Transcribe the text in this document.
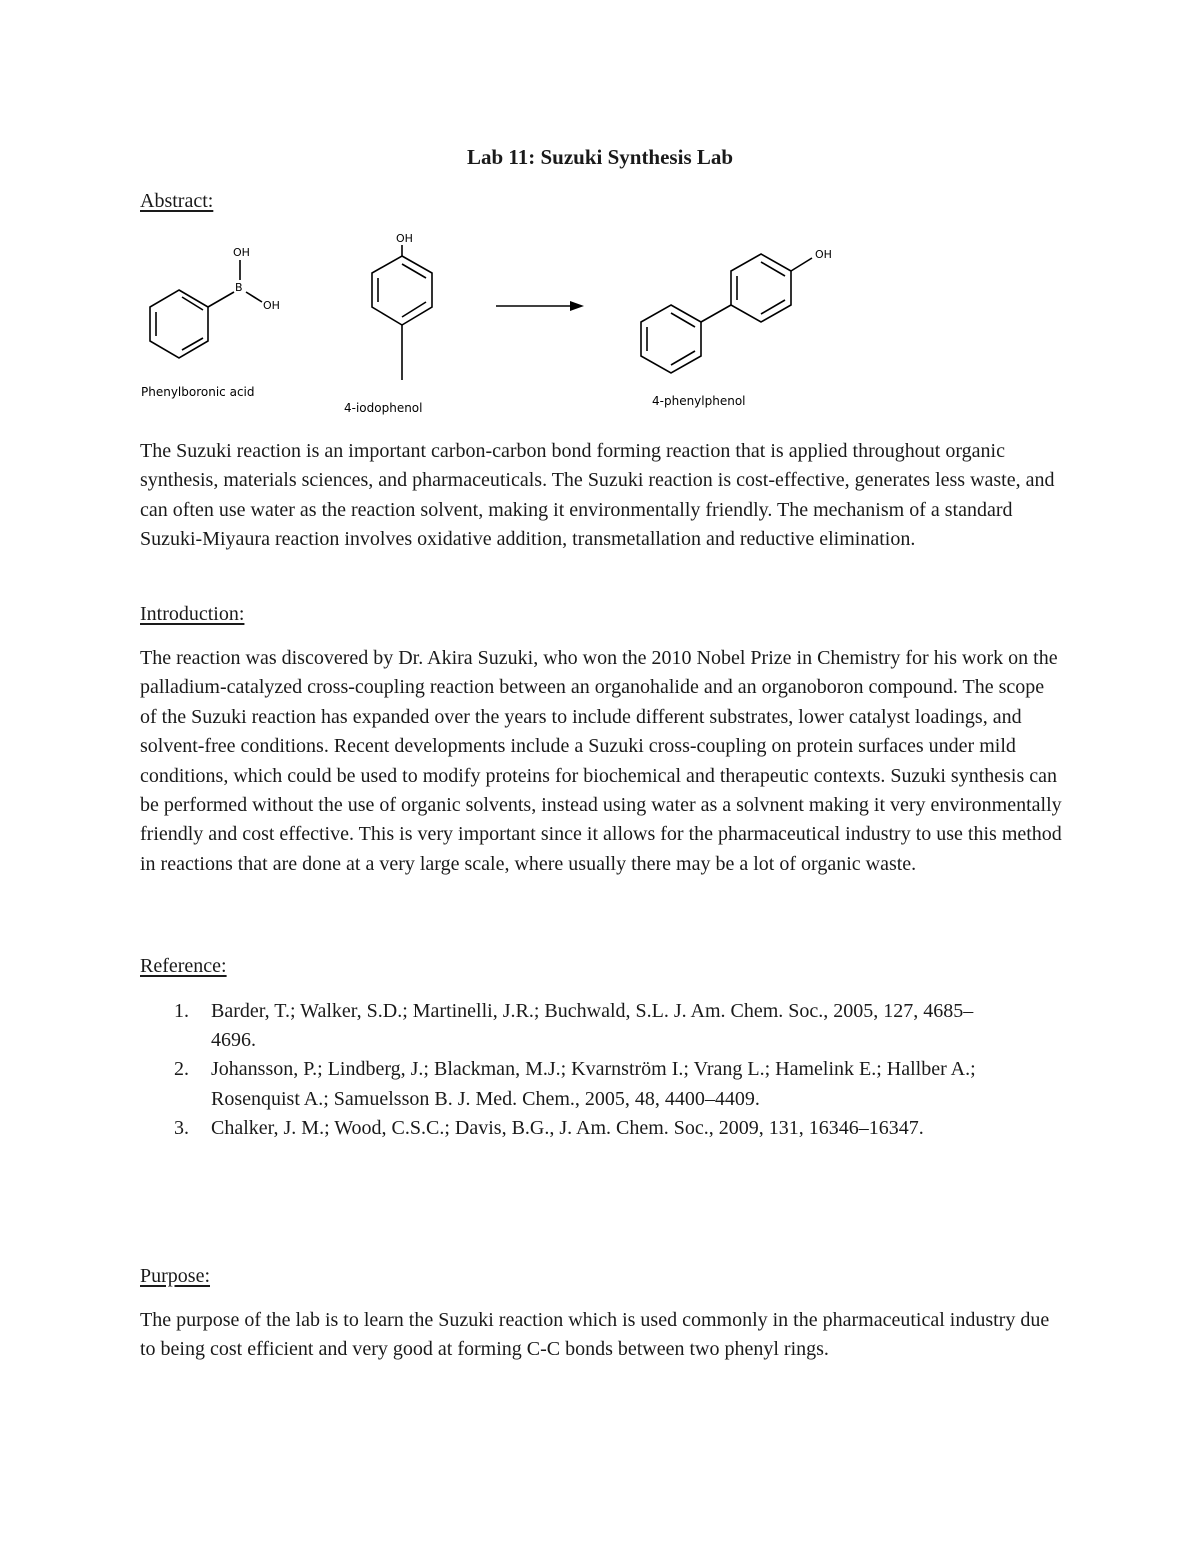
Lab 11: Suzuki Synthesis Lab
Abstract:
OH
B
OH
OH
OH
Phenylboronic acid
4-iodophenol	4-phenylphenol

The Suzuki reaction is an important carbon-carbon bond forming reaction that is applied throughout organic synthesis, materials sciences, and pharmaceuticals. The Suzuki reaction is cost-effective, generates less waste, and can often use water as the reaction solvent, making it environmentally friendly. The mechanism of a standard Suzuki-Miyaura reaction involves oxidative addition, transmetallation and reductive elimination.

Introduction:

The reaction was discovered by Dr. Akira Suzuki, who won the 2010 Nobel Prize in Chemistry for his work on the palladium-catalyzed cross-coupling reaction between an organohalide and an organoboron compound. The scope of the Suzuki reaction has expanded over the years to include different substrates, lower catalyst loadings, and solvent-free conditions. Recent developments include a Suzuki cross-coupling on protein surfaces under mild conditions, which could be used to modify proteins for biochemical and therapeutic contexts. Suzuki synthesis can be performed without the use of organic solvents, instead using water as a solvnent making it very environmentally friendly and cost effective. This is very important since it allows for the pharmaceutical industry to use this method in reactions that are done at a very large scale, where usually there may be a lot of organic waste.

Reference:
1.	Barder, T.; Walker, S.D.; Martinelli, J.R.; Buchwald, S.L. J. Am. Chem. Soc., 2005, 127, 4685–4696.
2.	Johansson, P.; Lindberg, J.; Blackman, M.J.; Kvarnström I.; Vrang L.; Hamelink E.; Hallber A.; Rosenquist A.; Samuelsson B. J. Med. Chem., 2005, 48, 4400–4409.
3.	Chalker, J. M.; Wood, C.S.C.; Davis, B.G., J. Am. Chem. Soc., 2009, 131, 16346–16347.
Purpose:

The purpose of the lab is to learn the Suzuki reaction which is used commonly in the pharmaceutical industry due to being cost efficient and very good at forming C-C bonds between two phenyl rings.
